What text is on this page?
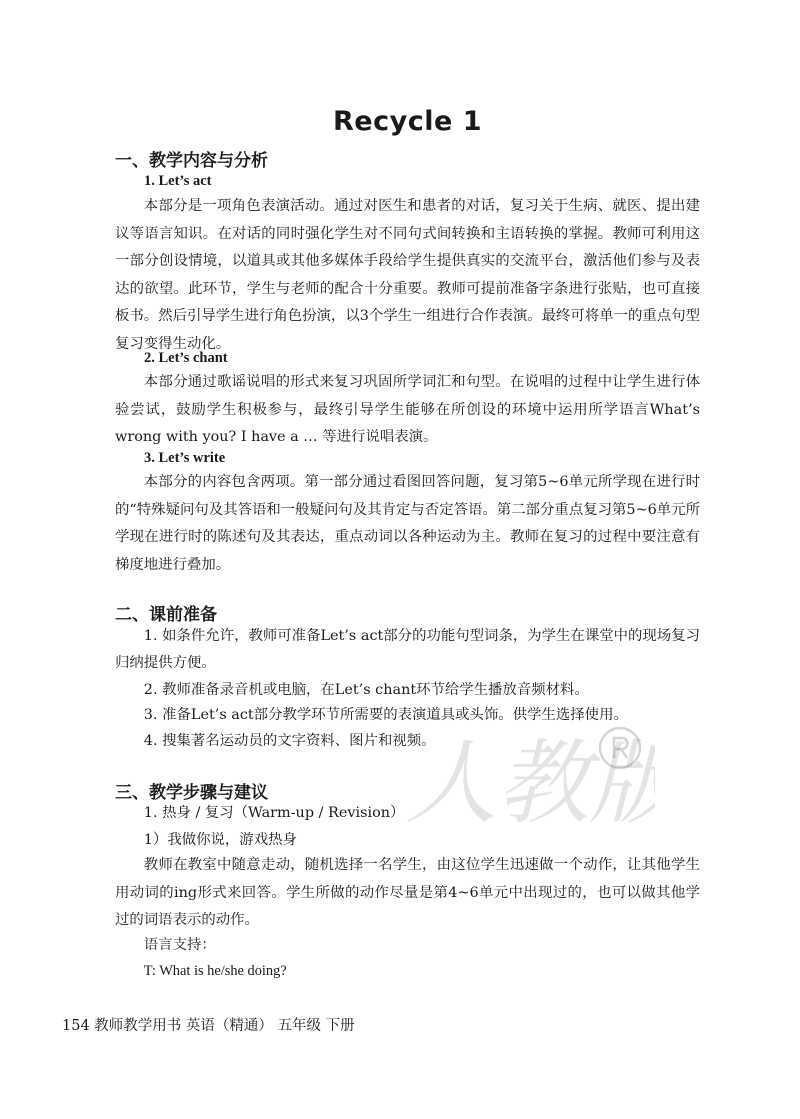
Recycle 1
一、教学内容与分析
1. Let’s act

本部分是一项角色表演活动。通过对医生和患者的对话，复习关于生病、就医、提出建议等语言知识。在对话的同时强化学生对不同句式间转换和主语转换的掌握。教师可利用这一部分创设情境，以道具或其他多媒体手段给学生提供真实的交流平台，激活他们参与及表达的欲望。此环节，学生与老师的配合十分重要。教师可提前准备字条进行张贴，也可直接板书。然后引导学生进行角色扮演，以3个学生一组进行合作表演。最终可将单一的重点句型复习变得生动化。

2. Let’s chant

本部分通过歌谣说唱的形式来复习巩固所学词汇和句型。在说唱的过程中让学生进行体验尝试，鼓励学生积极参与，最终引导学生能够在所创设的环境中运用所学语言What’s wrong with you? I have a … 等进行说唱表演。

3. Let’s write

本部分的内容包含两项。第一部分通过看图回答问题，复习第5~6单元所学现在进行时的“特殊疑问句及其答语和一般疑问句及其肯定与否定答语。第二部分重点复习第5~6单元所学现在进行时的陈述句及其表达，重点动词以各种运动为主。教师在复习的过程中要注意有梯度地进行叠加。

二、课前准备

1. 如条件允许，教师可准备Let’s act部分的功能句型词条，为学生在课堂中的现场复习归纳提供方便。

2. 教师准备录音机或电脑，在Let’s chant环节给学生播放音频材料。

3. 准备Let’s act部分教学环节所需要的表演道具或头饰。供学生选择使用。

4. 搜集著名运动员的文字资料、图片和视频。

三、教学步骤与建议

1. 热身 / 复习（Warm-up / Revision）

1）我做你说，游戏热身

教师在教室中随意走动，随机选择一名学生，由这位学生迅速做一个动作，让其他学生用动词的ing形式来回答。学生所做的动作尽量是第4~6单元中出现过的，也可以做其他学过的词语表示的动作。

语言支持：

T: What is he/she doing?

人教版
154 教师教学用书 英语（精通） 五年级 下册
